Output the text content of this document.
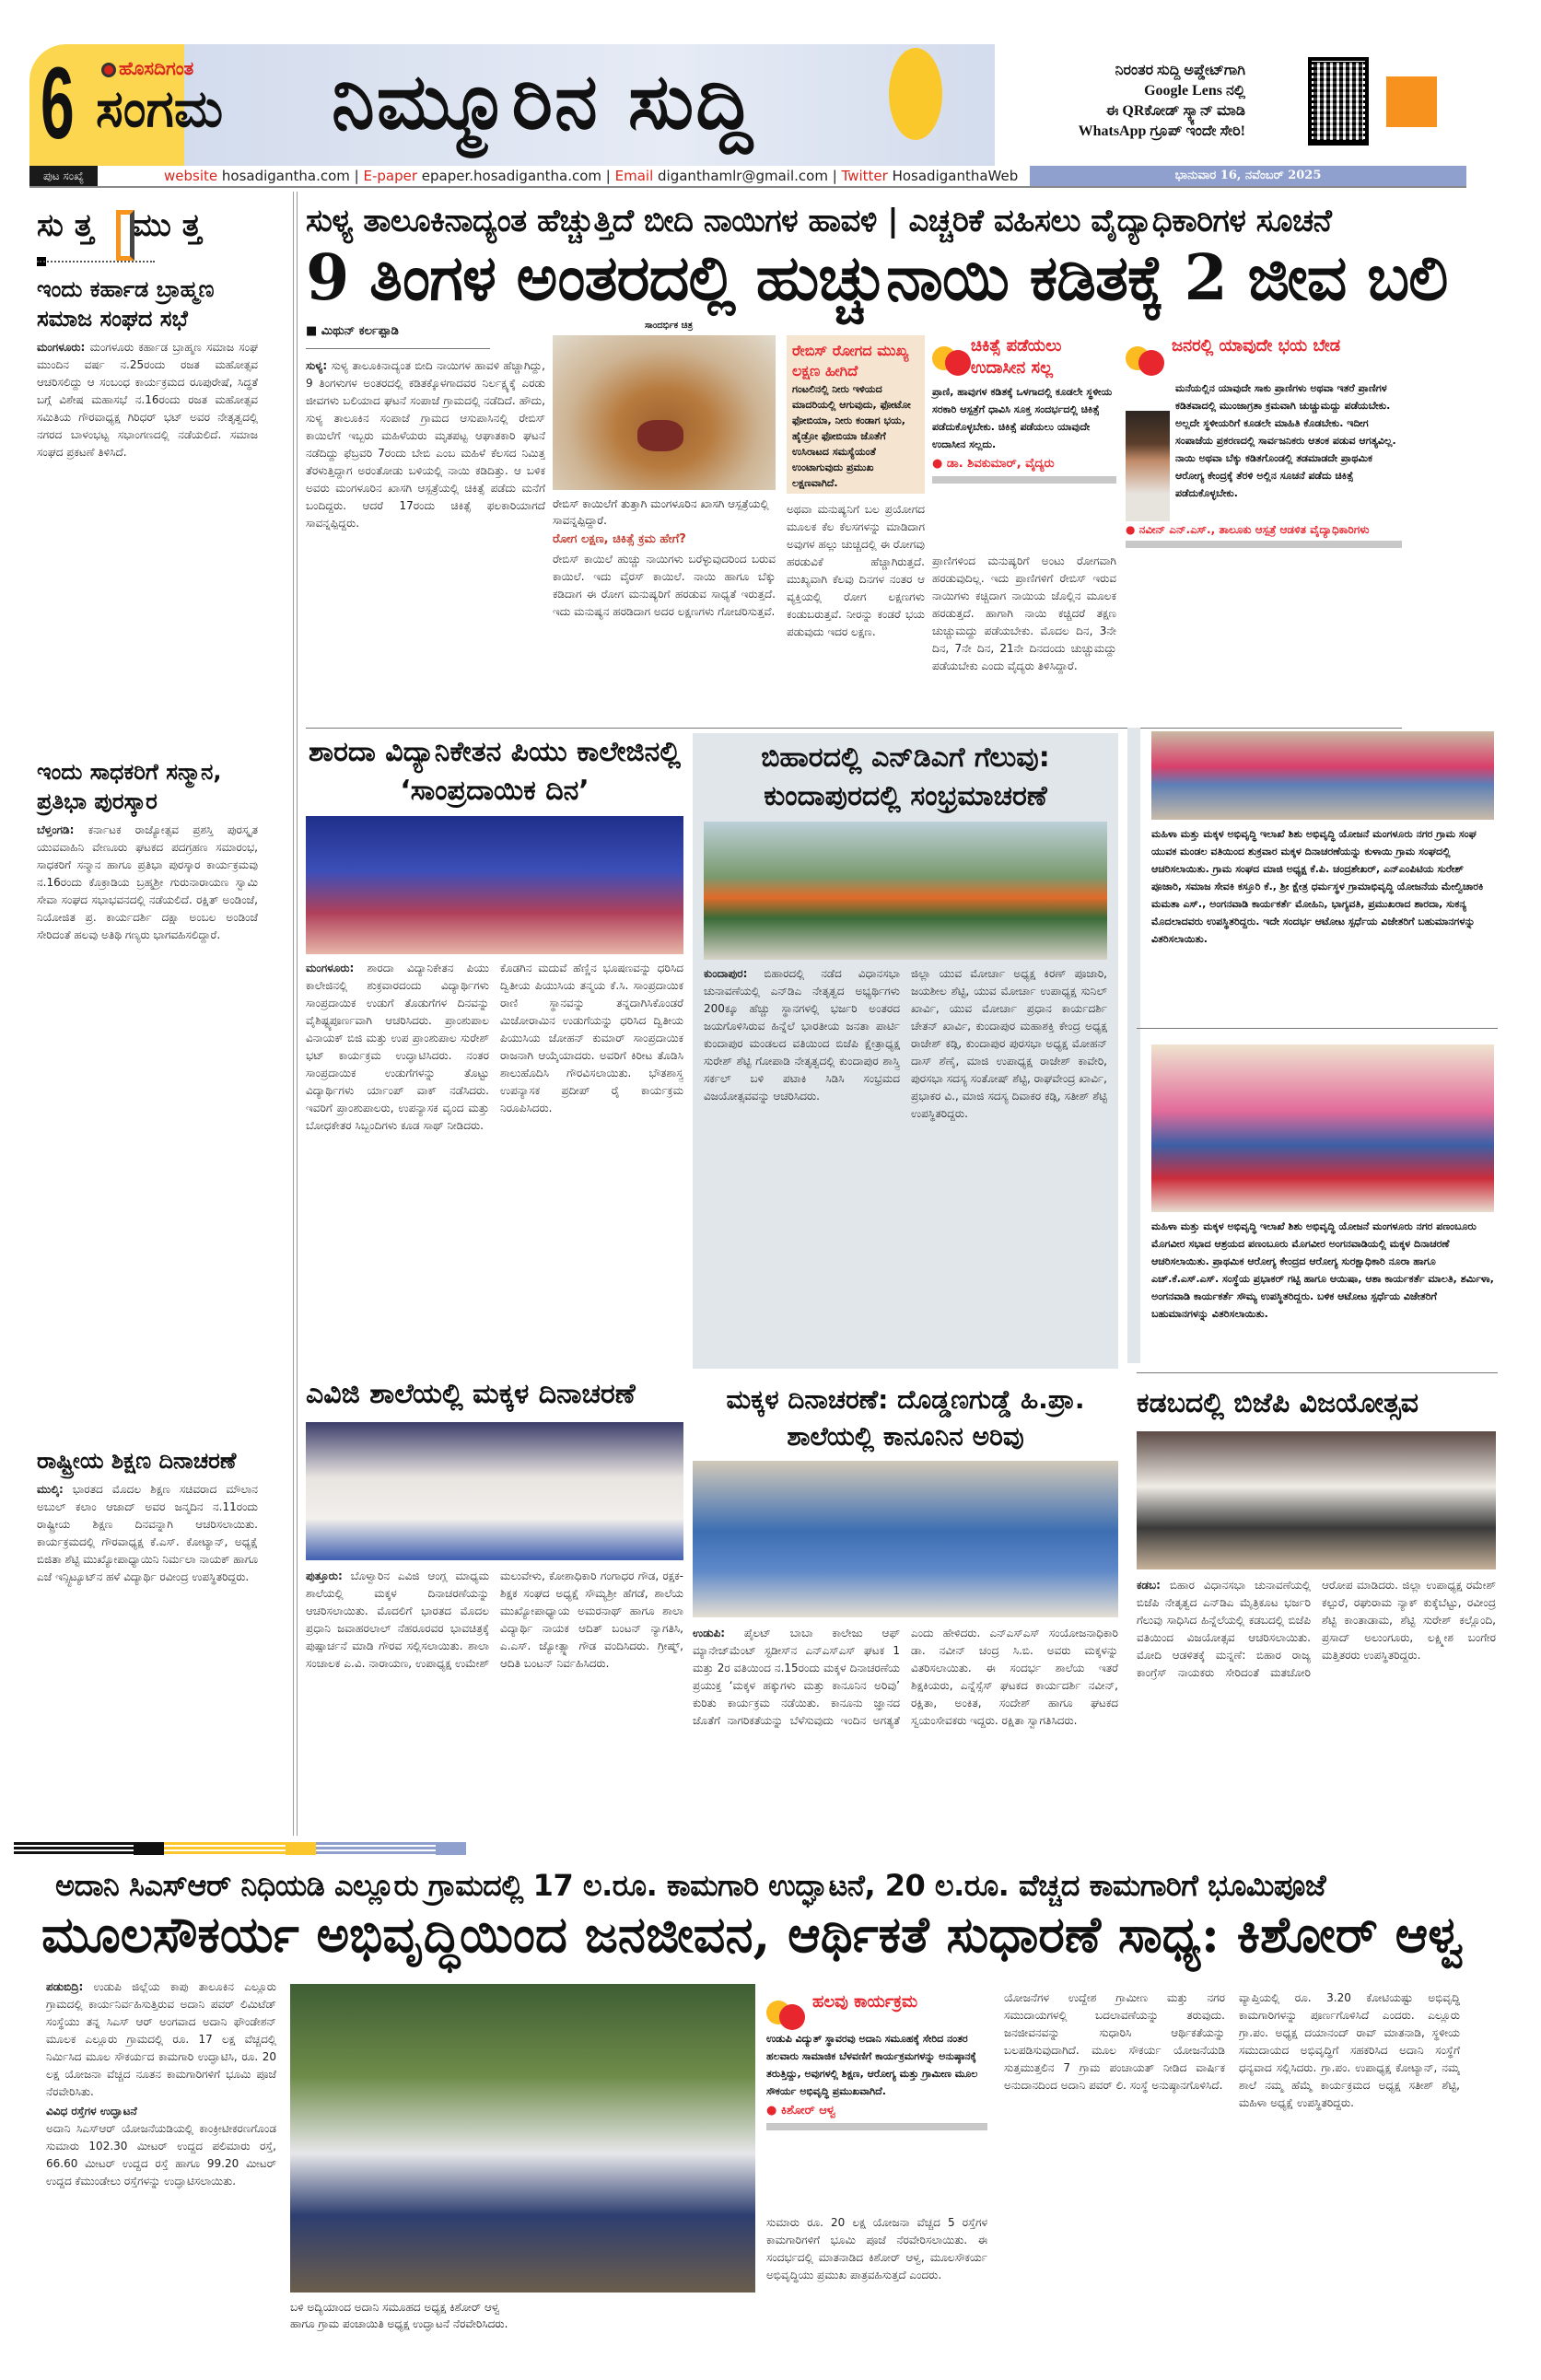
6	ಹೊಸದಿಗಂತ
ಸಂಗಮ ನಿಮ್ಮೂರಿನ ಸುದ್ದಿ	ನಿರಂತರ ಸುದ್ದಿ ಅಪ್ಡೇಟ್‌ಗಾಗಿ
Google Lens ನಲ್ಲಿ
ಈ QRಕೋಡ್ ಸ್ಕ್ಯಾನ್ ಮಾಡಿ
WhatsApp ಗ್ರೂಪ್ ಇಂದೇ ಸೇರಿ!
ಪುಟ ಸಂಖ್ಯೆ	website hosadigantha.com | E-paper epaper.hosadigantha.com | Email diganthamlr@gmail.com | Twitter HosadiganthaWeb	ಭಾನುವಾರ 16, ನವೆಂಬರ್ 2025
ಸು ತ್ತ ಮು ತ್ತ
ಇಂದು ಕರ್ಹಾಡ ಬ್ರಾಹ್ಮಣ ಸಮಾಜ ಸಂಘದ ಸಭೆ
ಮಂಗಳೂರು: ಮಂಗಳೂರು ಕರ್ಹಾಡ ಬ್ರಾಹ್ಮಣ ಸಮಾಜ ಸಂಘ ಮುಂದಿನ ವರ್ಷ ನ.25ರಂದು ರಜತ ಮಹೋತ್ಸವ ಆಚರಿಸಲಿದ್ದು ಆ ಸಂಬಂಧ ಕಾರ್ಯಕ್ರಮದ ರೂಪುರೇಷೆ, ಸಿದ್ಧತೆ ಬಗ್ಗೆ ವಿಶೇಷ ಮಹಾಸಭೆ ನ.16ರಂದು ರಜತ ಮಹೋತ್ಸವ ಸಮಿತಿಯ ಗೌರವಾಧ್ಯಕ್ಷ ಗಿರಿಧರ್ ಭಟ್ ಅವರ ನೇತೃತ್ವದಲ್ಲಿ ನಗರದ ಬಾಳಂಭಟ್ಟ ಸಭಾಂಗಣದಲ್ಲಿ ನಡೆಯಲಿದೆ. ಸಮಾಜ ಸಂಘದ ಪ್ರಕಟಣೆ ತಿಳಿಸಿದೆ.
ಇಂದು ಸಾಧಕರಿಗೆ ಸನ್ಮಾನ, ಪ್ರತಿಭಾ ಪುರಸ್ಕಾರ
ಬೆಳ್ತಂಗಡಿ: ಕರ್ನಾಟಕ ರಾಜ್ಯೋತ್ಸವ ಪ್ರಶಸ್ತಿ ಪುರಸ್ಕೃತ ಯುವವಾಹಿನಿ ವೇಣೂರು ಘಟಕದ ಪದಗ್ರಹಣ ಸಮಾರಂಭ, ಸಾಧಕರಿಗೆ ಸನ್ಮಾನ ಹಾಗೂ ಪ್ರತಿಭಾ ಪುರಸ್ಕಾರ ಕಾರ್ಯಕ್ರಮವು ನ.16ರಂದು ಕೊಕ್ರಾಡಿಯ ಬ್ರಹ್ಮಶ್ರೀ ಗುರುನಾರಾಯಣ ಸ್ವಾಮಿ ಸೇವಾ ಸಂಘದ ಸಭಾಭವನದಲ್ಲಿ ನಡೆಯಲಿದೆ. ರಕ್ಷಿತ್ ಅಂಡಿಂಜೆ, ನಿಯೋಜಿತ ಪ್ರ. ಕಾರ್ಯದರ್ಶಿ ದಕ್ಷಾ ಅಂಬಲ ಅಂಡಿಂಜೆ ಸೇರಿದಂತೆ ಹಲವು ಅತಿಥಿ ಗಣ್ಯರು ಭಾಗವಹಿಸಲಿದ್ದಾರೆ.
ರಾಷ್ಟ್ರೀಯ ಶಿಕ್ಷಣ ದಿನಾಚರಣೆ
ಮುಲ್ಕಿ: ಭಾರತದ ಮೊದಲ ಶಿಕ್ಷಣ ಸಚಿವರಾದ ಮೌಲಾನ ಅಬುಲ್ ಕಲಾಂ ಆಜಾದ್ ಅವರ ಜನ್ಮದಿನ ನ.11ರಂದು ರಾಷ್ಟ್ರೀಯ ಶಿಕ್ಷಣ ದಿನವನ್ನಾಗಿ ಆಚರಿಸಲಾಯಿತು. ಕಾರ್ಯಕ್ರಮದಲ್ಲಿ ಗೌರವಾಧ್ಯಕ್ಷ ಕೆ.ಎಸ್. ಕೋಟ್ಯಾನ್, ಅಧ್ಯಕ್ಷೆ ಬಿಜಿತಾ ಶೆಟ್ಟಿ ಮುಖ್ಯೋಪಾಧ್ಯಾಯಿನಿ ನಿರ್ಮಲಾ ನಾಯಕ್ ಹಾಗೂ ಎಜೆ ಇನ್ಸ್ಟಿಟ್ಯೂಟ್‌ನ ಹಳೆ ವಿದ್ಯಾರ್ಥಿ ರವೀಂದ್ರ ಉಪಸ್ಥಿತರಿದ್ದರು.
ಸುಳ್ಯ ತಾಲೂಕಿನಾದ್ಯಂತ ಹೆಚ್ಚುತ್ತಿದೆ ಬೀದಿ ನಾಯಿಗಳ ಹಾವಳಿ | ಎಚ್ಚರಿಕೆ ವಹಿಸಲು ವೈದ್ಯಾಧಿಕಾರಿಗಳ ಸೂಚನೆ
9 ತಿಂಗಳ ಅಂತರದಲ್ಲಿ ಹುಚ್ಚುನಾಯಿ ಕಡಿತಕ್ಕೆ 2 ಜೀವ ಬಲಿ
■ ಮಿಥುನ್ ಕರ್ಲಪ್ಪಾಡಿ
ಸುಳ್ಯ: ಸುಳ್ಯ ತಾಲೂಕಿನಾದ್ಯಂತ ಬೀದಿ ನಾಯಿಗಳ ಹಾವಳಿ ಹೆಚ್ಚಾಗಿದ್ದು, 9 ತಿಂಗಳುಗಳ ಅಂತರದಲ್ಲಿ ಕಡಿತಕ್ಕೊಳಗಾದವರ ನಿರ್ಲಕ್ಷ್ಯಕ್ಕೆ ಎರಡು ಜೀವಗಳು ಬಲಿಯಾದ ಘಟನೆ ಸಂಪಾಜೆ ಗ್ರಾಮದಲ್ಲಿ ನಡೆದಿದೆ. ಹೌದು, ಸುಳ್ಯ ತಾಲೂಕಿನ ಸಂಪಾಜೆ ಗ್ರಾಮದ ಆಸುಪಾಸಿನಲ್ಲಿ ರೇಬಿಸ್ ಕಾಯಿಲೆಗೆ ಇಬ್ಬರು ಮಹಿಳೆಯರು ಮೃತಪಟ್ಟ ಆಘಾತಕಾರಿ ಘಟನೆ ನಡೆದಿದ್ದು ಫೆಬ್ರವರಿ 7ರಂದು ಬೇಬಿ ಎಂಬ ಮಹಿಳೆ ಕೆಲಸದ ನಿಮಿತ್ತ ತೆರಳುತ್ತಿದ್ದಾಗ ಅರಂತೋಡು ಬಳಿಯಲ್ಲಿ ನಾಯಿ ಕಡಿದಿತ್ತು. ಆ ಬಳಿಕ ಅವರು ಮಂಗಳೂರಿನ ಖಾಸಗಿ ಆಸ್ಪತ್ರೆಯಲ್ಲಿ ಚಿಕಿತ್ಸೆ ಪಡೆದು ಮನೆಗೆ ಬಂದಿದ್ದರು. ಆದರೆ 17ರಂದು ಚಿಕಿತ್ಸೆ ಫಲಕಾರಿಯಾಗದೆ ಸಾವನ್ನಪ್ಪಿದ್ದರು.
ಸಾಂದರ್ಭಿಕ ಚಿತ್ರ
ರೇಬಿಸ್ ಕಾಯಿಲೆಗೆ ತುತ್ತಾಗಿ ಮಂಗಳೂರಿನ ಖಾಸಗಿ ಆಸ್ಪತ್ರೆಯಲ್ಲಿ ಸಾವನ್ನಪ್ಪಿದ್ದಾರೆ.
ರೋಗ ಲಕ್ಷಣ, ಚಿಕಿತ್ಸೆ ಕ್ರಮ ಹೇಗೆ?
ರೇಬಿಸ್ ಕಾಯಿಲೆ ಹುಚ್ಚು ನಾಯಿಗಳು ಬರೆಳ್ಳುವುದರಿಂದ ಬರುವ ಕಾಯಿಲೆ. ಇದು ವೈರಸ್ ಕಾಯಿಲೆ. ನಾಯಿ ಹಾಗೂ ಬೆಕ್ಕು ಕಡಿದಾಗ ಈ ರೋಗ ಮನುಷ್ಯರಿಗೆ ಹರಡುವ ಸಾಧ್ಯತೆ ಇರುತ್ತದೆ. ಇದು ಮನುಷ್ಯನ ಹರಡಿದಾಗ ಅದರ ಲಕ್ಷಣಗಳು ಗೋಚರಿಸುತ್ತವೆ.
ರೇಬಿಸ್ ರೋಗದ ಮುಖ್ಯ ಲಕ್ಷಣ ಹೀಗಿದೆ
ಗಂಟಲಿನಲ್ಲಿ ನೀರು ಇಳಿಯದ ಮಾದರಿಯಲ್ಲಿ ಆಗುವುದು, ಫೋಟೋ ಫೋಬಿಯಾ, ನೀರು ಕಂಡಾಗ ಭಯ, ಹೈಡ್ರೋ ಫೋಬಿಯಾ ಜೊತೆಗೆ ಉಸಿರಾಟದ ಸಮಸ್ಯೆಯಂತೆ ಉಂಟಾಗುವುದು ಪ್ರಮುಖ ಲಕ್ಷಣವಾಗಿದೆ.
ಅಥವಾ ಮನುಷ್ಯನಿಗೆ ಬಲ ಪ್ರಯೋಗದ ಮೂಲಕ ಕೆಲ ಕೆಲಸಗಳನ್ನು ಮಾಡಿದಾಗ ಅವುಗಳ ಹಲ್ಲು ಚುಚ್ಚಿದಲ್ಲಿ ಈ ರೋಗವು ಹರಡುವಿಕೆ ಹೆಚ್ಚಾಗಿರುತ್ತದೆ. ಮುಖ್ಯವಾಗಿ ಕೆಲವು ದಿನಗಳ ನಂತರ ಆ ವ್ಯಕ್ತಿಯಲ್ಲಿ ರೋಗ ಲಕ್ಷಣಗಳು ಕಂಡುಬರುತ್ತವೆ. ನೀರನ್ನು ಕಂಡರೆ ಭಯ ಪಡುವುದು ಇದರ ಲಕ್ಷಣ.
ಚಿಕಿತ್ಸೆ ಪಡೆಯಲು ಉದಾಸೀನ ಸಲ್ಲ
ಪ್ರಾಣಿ, ಹಾವುಗಳ ಕಡಿತಕ್ಕೆ ಒಳಗಾದಲ್ಲಿ ಕೂಡಲೇ ಸ್ಥಳೀಯ ಸರಕಾರಿ ಆಸ್ಪತ್ರೆಗೆ ಧಾವಿಸಿ ಸೂಕ್ತ ಸಂದರ್ಭದಲ್ಲಿ ಚಿಕಿತ್ಸೆ ಪಡೆದುಕೊಳ್ಳಬೇಕು. ಚಿಕಿತ್ಸೆ ಪಡೆಯಲು ಯಾವುದೇ ಉದಾಸೀನ ಸಲ್ಲದು.
● ಡಾ. ಶಿವಕುಮಾರ್, ವೈದ್ಯರು
ಪ್ರಾಣಿಗಳಿಂದ ಮನುಷ್ಯರಿಗೆ ಅಂಟು ರೋಗವಾಗಿ ಹರಡುವುದಿಲ್ಲ. ಇದು ಪ್ರಾಣಿಗಳಿಗೆ ರೇಬಿಸ್ ಇರುವ ನಾಯಿಗಳು ಕಚ್ಚಿದಾಗ ನಾಯಿಯ ಜೊಲ್ಲಿನ ಮೂಲಕ ಹರಡುತ್ತದೆ. ಹಾಗಾಗಿ ನಾಯಿ ಕಚ್ಚಿದರೆ ತಕ್ಷಣ ಚುಚ್ಚುಮದ್ದು ಪಡೆಯಬೇಕು. ಮೊದಲ ದಿನ, 3ನೇ ದಿನ, 7ನೇ ದಿನ, 21ನೇ ದಿನದಂದು ಚುಚ್ಚುಮದ್ದು ಪಡೆಯಬೇಕು ಎಂದು ವೈದ್ಯರು ತಿಳಿಸಿದ್ದಾರೆ.
ಜನರಲ್ಲಿ ಯಾವುದೇ ಭಯ ಬೇಡ
ಮನೆಯಲ್ಲಿನ ಯಾವುದೇ ಸಾಕು ಪ್ರಾಣಿಗಳು ಅಥವಾ ಇತರೆ ಪ್ರಾಣಿಗಳ ಕಡಿತವಾದಲ್ಲಿ ಮುಂಜಾಗ್ರತಾ ಕ್ರಮವಾಗಿ ಚುಚ್ಚುಮದ್ದು ಪಡೆಯಬೇಕು. ಅಲ್ಲದೇ ಸ್ಥಳೀಯರಿಗೆ ಕೂಡಲೇ ಮಾಹಿತಿ ಕೊಡಬೇಕು. ಇದೀಗ ಸಂಪಾಜೆಯ ಪ್ರಕರಣದಲ್ಲಿ ಸಾರ್ವಜನಿಕರು ಆತಂಕ ಪಡುವ ಆಗತ್ಯವಿಲ್ಲ. ನಾಯಿ ಅಥವಾ ಬೆಕ್ಕು ಕಡಿತಗೊಂಡಲ್ಲಿ ತಡಮಾಡದೇ ಪ್ರಾಥಮಿಕ ಆರೋಗ್ಯ ಕೇಂದ್ರಕ್ಕೆ ತೆರಳಿ ಅಲ್ಲಿನ ಸೂಚನೆ ಪಡೆದು ಚಿಕಿತ್ಸೆ ಪಡೆದುಕೊಳ್ಳಬೇಕು.
● ನವೀನ್ ಎನ್.ಎಸ್., ತಾಲೂಕು ಆಸ್ಪತ್ರೆ ಆಡಳಿತ ವೈದ್ಯಾಧಿಕಾರಿಗಳು
ಶಾರದಾ ವಿದ್ಯಾನಿಕೇತನ ಪಿಯು ಕಾಲೇಜಿನಲ್ಲಿ ‘ಸಾಂಪ್ರದಾಯಿಕ ದಿನ’
ಮಂಗಳೂರು: ಶಾರದಾ ವಿದ್ಯಾನಿಕೇತನ ಪಿಯು ಕಾಲೇಜಿನಲ್ಲಿ ಶುಕ್ರವಾರದಂದು ವಿದ್ಯಾರ್ಥಿಗಳು ಸಾಂಪ್ರದಾಯಿಕ ಉಡುಗೆ ತೊಡುಗೆಗಳ ದಿನವನ್ನು ವೈಶಿಷ್ಟ್ಯಪೂರ್ಣವಾಗಿ ಆಚರಿಸಿದರು. ಪ್ರಾಂಶುಪಾಲ ವಿನಾಯಕ್ ಬಿಜಿ ಮತ್ತು ಉಪ ಪ್ರಾಂಶುಪಾಲ ಸುರೇಶ್ ಭಟ್ ಕಾರ್ಯಕ್ರಮ ಉದ್ಘಾಟಿಸಿದರು. ನಂತರ ಸಾಂಪ್ರದಾಯಿಕ ಉಡುಗೆಗಳನ್ನು ತೊಟ್ಟು ವಿದ್ಯಾರ್ಥಿಗಳು ರ್ಯಾಂಪ್ ವಾಕ್ ನಡೆಸಿದರು. ಇವರಿಗೆ ಪ್ರಾಂಶುಪಾಲರು, ಉಪನ್ಯಾಸಕ ವೃಂದ ಮತ್ತು ಬೋಧಕೇತರ ಸಿಬ್ಬಂದಿಗಳು ಕೂಡ ಸಾಥ್ ನೀಡಿದರು.
ಕೊಡಗಿನ ಮದುವೆ ಹೆಣ್ಣಿನ ಭೂಷಣವನ್ನು ಧರಿಸಿದ ದ್ವಿತೀಯ ಪಿಯುಸಿಯ ತನ್ಮಯ ಕೆ.ಸಿ. ಸಾಂಪ್ರದಾಯಿಕ ರಾಣಿ ಸ್ಥಾನವನ್ನು ತನ್ನದಾಗಿಸಿಕೊಂಡರೆ ಮಿಜೋರಾಮಿನ ಉಡುಗೆಯನ್ನು ಧರಿಸಿದ ದ್ವಿತೀಯ ಪಿಯುಸಿಯ ಜೋಹನ್ ಕುಮಾರ್ ಸಾಂಪ್ರದಾಯಿಕ ರಾಜನಾಗಿ ಆಯ್ಕೆಯಾದರು. ಅವರಿಗೆ ಕಿರೀಟ ತೊಡಿಸಿ ಶಾಲುಹೊದಿಸಿ ಗೌರವಿಸಲಾಯಿತು. ಭೌತಶಾಸ್ತ್ರ ಉಪನ್ಯಾಸಕ ಪ್ರದೀಪ್ ರೈ ಕಾರ್ಯಕ್ರಮ ನಿರೂಪಿಸಿದರು.
ಬಿಹಾರದಲ್ಲಿ ಎನ್‌ಡಿಎಗೆ ಗೆಲುವು: ಕುಂದಾಪುರದಲ್ಲಿ ಸಂಭ್ರಮಾಚರಣೆ
ಕುಂದಾಪುರ: ಬಿಹಾರದಲ್ಲಿ ನಡೆದ ವಿಧಾನಸಭಾ ಚುನಾವಣೆಯಲ್ಲಿ ಎನ್‌ಡಿಎ ನೇತೃತ್ವದ ಅಭ್ಯರ್ಥಿಗಳು 200ಕ್ಕೂ ಹೆಚ್ಚು ಸ್ಥಾನಗಳಲ್ಲಿ ಭರ್ಜರಿ ಅಂತರದ ಜಯಗೊಳಿಸಿರುವ ಹಿನ್ನೆಲೆ ಭಾರತೀಯ ಜನತಾ ಪಾರ್ಟಿ ಕುಂದಾಪುರ ಮಂಡಲದ ವತಿಯಿಂದ ಬಿಜೆಪಿ ಕ್ಷೇತ್ರಾಧ್ಯಕ್ಷ ಸುರೇಶ್ ಶೆಟ್ಟಿ ಗೋಪಾಡಿ ನೇತೃತ್ವದಲ್ಲಿ ಕುಂದಾಪುರ ಶಾಸ್ತ್ರಿ ಸರ್ಕಲ್ ಬಳಿ ಪಟಾಕಿ ಸಿಡಿಸಿ ಸಂಭ್ರಮದ ವಿಜಯೋತ್ಸವವನ್ನು ಆಚರಿಸಿದರು.
ಜಿಲ್ಲಾ ಯುವ ಮೋರ್ಚಾ ಅಧ್ಯಕ್ಷ ಕಿರಣ್ ಪೂಜಾರಿ, ಜಯಶೀಲ ಶೆಟ್ಟಿ, ಯುವ ಮೋರ್ಚಾ ಉಪಾಧ್ಯಕ್ಷ ಸುನಿಲ್ ಖಾರ್ವಿ, ಯುವ ಮೋರ್ಚಾ ಪ್ರಧಾನ ಕಾರ್ಯದರ್ಶಿ ಚೇತನ್ ಖಾರ್ವಿ, ಕುಂದಾಪುರ ಮಹಾಶಕ್ತಿ ಕೇಂದ್ರ ಅಧ್ಯಕ್ಷ ರಾಜೇಶ್ ಕಡ್ಗಿ, ಕುಂದಾಪುರ ಪುರಸಭಾ ಅಧ್ಯಕ್ಷ ಮೋಹನ್ ದಾಸ್ ಶೆಣೈ, ಮಾಜಿ ಉಪಾಧ್ಯಕ್ಷ ರಾಜೇಶ್ ಕಾವೇರಿ, ಪುರಸಭಾ ಸದಸ್ಯ ಸಂತೋಷ್ ಶೆಟ್ಟಿ, ರಾಘವೇಂದ್ರ ಖಾರ್ವಿ, ಪ್ರಭಾಕರ ವಿ., ಮಾಜಿ ಸದಸ್ಯ ದಿವಾಕರ ಕಡ್ಗಿ, ಸತೀಶ್ ಶೆಟ್ಟಿ ಉಪಸ್ಥಿತರಿದ್ದರು.
ಮಹಿಳಾ ಮತ್ತು ಮಕ್ಕಳ ಅಭಿವೃದ್ಧಿ ಇಲಾಖೆ ಶಿಶು ಅಭಿವೃದ್ಧಿ ಯೋಜನೆ ಮಂಗಳೂರು ನಗರ ಗ್ರಾಮ ಸಂಘ ಯುವಕ ಮಂಡಲ ವತಿಯಿಂದ ಶುಕ್ರವಾರ ಮಕ್ಕಳ ದಿನಾಚರಣೆಯನ್ನು ಕುಳಾಯಿ ಗ್ರಾಮ ಸಂಘದಲ್ಲಿ ಆಚರಿಸಲಾಯಿತು. ಗ್ರಾಮ ಸಂಘದ ಮಾಜಿ ಅಧ್ಯಕ್ಷ ಕೆ.ಪಿ. ಚಂದ್ರಶೇಖರ್, ಎನ್‌ಎಂಪಿಟಿಯ ಸುರೇಶ್ ಪೂಜಾರಿ, ಸಮಾಜ ಸೇವಕಿ ಕಸ್ತೂರಿ ಕೆ., ಶ್ರೀ ಕ್ಷೇತ್ರ ಧರ್ಮಸ್ಥಳ ಗ್ರಾಮಾಭಿವೃದ್ಧಿ ಯೋಜನೆಯ ಮೇಲ್ವಿಚಾರಕಿ ಮಮತಾ ಎಸ್., ಅಂಗನವಾಡಿ ಕಾರ್ಯಕರ್ತೆ ಮೋಹಿನಿ, ಭಾಗ್ಯವತಿ, ಪ್ರಮುಖರಾದ ಶಾರದಾ, ಸುಕನ್ಯ ಮೊದಲಾದವರು ಉಪಸ್ಥಿತರಿದ್ದರು. ಇದೇ ಸಂದರ್ಭ ಆಟೋಟ ಸ್ಪರ್ಧೆಯ ವಿಜೇತರಿಗೆ ಬಹುಮಾನಗಳನ್ನು ವಿತರಿಸಲಾಯಿತು.
ಮಹಿಳಾ ಮತ್ತು ಮಕ್ಕಳ ಅಭಿವೃದ್ಧಿ ಇಲಾಖೆ ಶಿಶು ಅಭಿವೃದ್ಧಿ ಯೋಜನೆ ಮಂಗಳೂರು ನಗರ ಪಣಂಬೂರು ಮೊಗವೀರ ಸಭಾದ ಆಶ್ರಯದ ಪಣಂಬೂರು ಮೊಗವೀರ ಅಂಗನವಾಡಿಯಲ್ಲಿ ಮಕ್ಕಳ ದಿನಾಚರಣೆ ಆಚರಿಸಲಾಯಿತು. ಪ್ರಾಥಮಿಕ ಆರೋಗ್ಯ ಕೇಂದ್ರದ ಆರೋಗ್ಯ ಸುರಕ್ಷಾಧಿಕಾರಿ ನೂರಾ ಹಾಗೂ ಎಚ್.ಕೆ.ಎಸ್.ಎಸ್. ಸಂಸ್ಥೆಯ ಪ್ರಭಾಕರ್ ಗಟ್ಟಿ ಹಾಗೂ ಆಯಿಷಾ, ಆಶಾ ಕಾರ್ಯಕರ್ತೆ ಮಾಲತಿ, ಶರ್ಮಿಳಾ, ಅಂಗನವಾಡಿ ಕಾರ್ಯಕರ್ತೆ ಸೌಮ್ಯ ಉಪಸ್ಥಿತರಿದ್ದರು. ಬಳಿಕ ಆಟೋಟ ಸ್ಪರ್ಧೆಯ ವಿಜೇತರಿಗೆ ಬಹುಮಾನಗಳನ್ನು ವಿತರಿಸಲಾಯಿತು.
ಎವಿಜಿ ಶಾಲೆಯಲ್ಲಿ ಮಕ್ಕಳ ದಿನಾಚರಣೆ
ಪುತ್ತೂರು: ಬೊಳ್ವಾರಿನ ಎವಿಜಿ ಆಂಗ್ಲ ಮಾಧ್ಯಮ ಶಾಲೆಯಲ್ಲಿ ಮಕ್ಕಳ ದಿನಾಚರಣೆಯನ್ನು ಆಚರಿಸಲಾಯಿತು. ಮೊದಲಿಗೆ ಭಾರತದ ಮೊದಲ ಪ್ರಧಾನಿ ಜವಾಹರಲಾಲ್ ನೆಹರೂರವರ ಭಾವಚಿತ್ರಕ್ಕೆ ಪುಷ್ಪಾರ್ಚನೆ ಮಾಡಿ ಗೌರವ ಸಲ್ಲಿಸಲಾಯಿತು. ಶಾಲಾ ಸಂಚಾಲಕ ಎ.ವಿ. ನಾರಾಯಣ, ಉಪಾಧ್ಯಕ್ಷ ಉಮೇಶ್ ಮಲುವೇಳು, ಕೋಶಾಧಿಕಾರಿ ಗಂಗಾಧರ ಗೌಡ, ರಕ್ಷಕ-ಶಿಕ್ಷಕ ಸಂಘದ ಅಧ್ಯಕ್ಷೆ ಸೌಮ್ಯಶ್ರೀ ಹೆಗಡೆ, ಶಾಲೆಯ ಮುಖ್ಯೋಪಾಧ್ಯಾಯ ಅಮರನಾಥ್ ಹಾಗೂ ಶಾಲಾ ವಿದ್ಯಾರ್ಥಿ ನಾಯಕ ಆದಿತ್ ಬಂಟನ್ ನ್ಯಾಗತಿಸಿ, ಎ.ಎಸ್. ಜ್ಯೋತ್ಸ್ನಾ ಗೌಡ ವಂದಿಸಿದರು. ಗ್ರೀಷ್ಮ್, ಆದಿತಿ ಬಂಟನ್ ನಿರ್ವಹಿಸಿದರು.
ಮಕ್ಕಳ ದಿನಾಚರಣೆ: ದೊಡ್ಡಣಗುಡ್ಡೆ ಹಿ.ಪ್ರಾ. ಶಾಲೆಯಲ್ಲಿ ಕಾನೂನಿನ ಅರಿವು
ಉಡುಪಿ: ಪೈಲಟ್ ಬಾಬಾ ಕಾಲೇಜು ಆಫ್ ಮ್ಯಾನೇಜ್‌ಮೆಂಟ್ ಸ್ಟಡೀಸ್‌ನ ಎನ್‌ಎಸ್‌ಎಸ್ ಘಟಕ 1 ಮತ್ತು 2ರ ವತಿಯಿಂದ ನ.15ರಂದು ಮಕ್ಕಳ ದಿನಾಚರಣೆಯ ಪ್ರಯುಕ್ತ ‘ಮಕ್ಕಳ ಹಕ್ಕುಗಳು ಮತ್ತು ಕಾನೂನಿನ ಅರಿವು’ ಕುರಿತು ಕಾರ್ಯಕ್ರಮ ನಡೆಯಿತು. ಕಾನೂನು ಜ್ಞಾನದ ಜೊತೆಗೆ ನಾಗರಿಕತೆಯನ್ನು ಬೆಳೆಸುವುದು ಇಂದಿನ ಅಗತ್ಯತೆ ಎಂದು ಹೇಳಿದರು. ಎನ್‌ಎಸ್‌ಎಸ್ ಸಂಯೋಜನಾಧಿಕಾರಿ ಡಾ. ನವೀನ್ ಚಂದ್ರ ಸಿ.ಬಿ. ಅವರು ಮಕ್ಕಳನ್ನು ವಿತರಿಸಲಾಯಿತು. ಈ ಸಂದರ್ಭ ಶಾಲೆಯ ಇತರೆ ಶಿಕ್ಷಕಿಯರು, ಎನ್ನೆಸ್ಸೆಸ್ ಘಟಕದ ಕಾರ್ಯದರ್ಶಿ ನವೀನ್, ರಕ್ಷಿತಾ, ಅಂಕಿತ, ಸಂದೇಶ್ ಹಾಗೂ ಘಟಕದ ಸ್ವಯಂಸೇವಕರು ಇದ್ದರು. ರಕ್ಷಿತಾ ಸ್ವಾಗತಿಸಿದರು.
ಕಡಬದಲ್ಲಿ ಬಿಜೆಪಿ ವಿಜಯೋತ್ಸವ
ಕಡಬ: ಬಿಹಾರ ವಿಧಾನಸಭಾ ಚುನಾವಣೆಯಲ್ಲಿ ಬಿಜೆಪಿ ನೇತೃತ್ವದ ಎನ್‌ಡಿಎ ಮೈತ್ರಿಕೂಟ ಭರ್ಜರಿ ಗೆಲುವು ಸಾಧಿಸಿದ ಹಿನ್ನೆಲೆಯಲ್ಲಿ ಕಡಬದಲ್ಲಿ ಬಿಜೆಪಿ ವತಿಯಿಂದ ವಿಜಯೋತ್ಸವ ಆಚರಿಸಲಾಯಿತು. ಮೋದಿ ಆಡಳಿತಕ್ಕೆ ಮನ್ನಣೆ: ಬಿಹಾರ ರಾಜ್ಯ ಕಾಂಗ್ರೆಸ್ ನಾಯಕರು ಸೇರಿದಂತೆ ಮತಚೋರಿ ಆರೋಪ ಮಾಡಿದರು. ಜಿಲ್ಲಾ ಉಪಾಧ್ಯಕ್ಷ ರಮೇಶ್ ಕಲ್ಪುರೆ, ರಘುರಾಮ ನ್ಯಾಕ್ ಕುಕ್ಕೆಬೆಟ್ಟು, ರವೀಂದ್ರ ಶೆಟ್ಟಿ ಕಾಂತಾಡಾಮ, ಶೆಟ್ಟಿ ಸುರೇಶ್ ಕಲ್ಲೊಂದಿ, ಪ್ರಸಾದ್ ಅಲುಂಗೂರು, ಲಕ್ಷ್ಮೀಶ ಬಂಗೇರ ಮತ್ತಿತರರು ಉಪಸ್ಥಿತರಿದ್ದರು.
ಅದಾನಿ ಸಿಎಸ್‌ಆರ್ ನಿಧಿಯಡಿ ಎಲ್ಲೂರು ಗ್ರಾಮದಲ್ಲಿ 17 ಲ.ರೂ. ಕಾಮಗಾರಿ ಉದ್ಘಾಟನೆ, 20 ಲ.ರೂ. ವೆಚ್ಚದ ಕಾಮಗಾರಿಗೆ ಭೂಮಿಪೂಜೆ
ಮೂಲಸೌಕರ್ಯ ಅಭಿವೃದ್ಧಿಯಿಂದ ಜನಜೀವನ, ಆರ್ಥಿಕತೆ ಸುಧಾರಣೆ ಸಾಧ್ಯ: ಕಿಶೋರ್ ಆಳ್ವ
ಪಡುಬಿದ್ರಿ: ಉಡುಪಿ ಜಿಲ್ಲೆಯ ಕಾಪು ತಾಲೂಕಿನ ಎಲ್ಲೂರು ಗ್ರಾಮದಲ್ಲಿ ಕಾರ್ಯನಿರ್ವಹಿಸುತ್ತಿರುವ ಅದಾನಿ ಪವರ್ ಲಿಮಿಟೆಡ್ ಸಂಸ್ಥೆಯು ತನ್ನ ಸಿಎಸ್ ಆರ್ ಅಂಗವಾದ ಅದಾನಿ ಫೌಂಡೇಶನ್ ಮೂಲಕ ಎಲ್ಲೂರು ಗ್ರಾಮದಲ್ಲಿ ರೂ. 17 ಲಕ್ಷ ವೆಚ್ಚದಲ್ಲಿ ನಿರ್ಮಿಸಿದ ಮೂಲ ಸೌಕರ್ಯದ ಕಾಮಗಾರಿ ಉದ್ಘಾಟಿಸಿ, ರೂ. 20 ಲಕ್ಷ ಯೋಜನಾ ವೆಚ್ಚದ ನೂತನ ಕಾಮಗಾರಿಗಳಿಗೆ ಭೂಮಿ ಪೂಜೆ ನೆರವೇರಿಸಿತು.
ವಿವಿಧ ರಸ್ತೆಗಳ ಉದ್ಘಾಟನೆ
ಅದಾನಿ ಸಿಎಸ್‌ಆರ್ ಯೋಜನೆಯಡಿಯಲ್ಲಿ ಕಾಂಕ್ರೀಟೀಕರಣಗೊಂಡ ಸುಮಾರು 102.30 ಮೀಟರ್ ಉದ್ದದ ಪಲಿಮಾರು ರಸ್ತೆ, 66.60 ಮೀಟರ್ ಉದ್ದದ ರಸ್ತೆ ಹಾಗೂ 99.20 ಮೀಟರ್ ಉದ್ದದ ಕೆಮುಂಡೇಲು ರಸ್ತೆಗಳನ್ನು ಉದ್ಘಾಟಿಸಲಾಯಿತು.
ಬಳಿ ಅದ್ಯಿಯಾಂದ ಅದಾನಿ ಸಮೂಹದ ಅಧ್ಯಕ್ಷ ಕಿಶೋರ್ ಆಳ್ವ ಹಾಗೂ ಗ್ರಾಮ ಪಂಚಾಯಿತಿ ಅಧ್ಯಕ್ಷ ಉದ್ಘಾಟನೆ ನೆರವೇರಿಸಿದರು.
ಹಲವು ಕಾರ್ಯಕ್ರಮ
ಉಡುಪಿ ವಿದ್ಯುತ್ ಸ್ಥಾವರವು ಅದಾನಿ ಸಮೂಹಕ್ಕೆ ಸೇರಿದ ನಂತರ ಹಲವಾರು ಸಾಮಾಜಿಕ ಬೆಳವಣಿಗೆ ಕಾರ್ಯಕ್ರಮಗಳನ್ನು ಅನುಷ್ಠಾನಕ್ಕೆ ತರುತ್ತಿದ್ದು, ಅವುಗಳಲ್ಲಿ ಶಿಕ್ಷಣ, ಆರೋಗ್ಯ ಮತ್ತು ಗ್ರಾಮೀಣ ಮೂಲ ಸೌಕರ್ಯ ಅಭಿವೃದ್ಧಿ ಪ್ರಮುಖವಾಗಿದೆ.
● ಕಿಶೋರ್ ಆಳ್ವ
ಸುಮಾರು ರೂ. 20 ಲಕ್ಷ ಯೋಜನಾ ವೆಚ್ಚದ 5 ರಸ್ತೆಗಳ ಕಾಮಗಾರಿಗಳಿಗೆ ಭೂಮಿ ಪೂಜೆ ನೆರವೇರಿಸಲಾಯಿತು. ಈ ಸಂದರ್ಭದಲ್ಲಿ ಮಾತನಾಡಿದ ಕಿಶೋರ್ ಆಳ್ವ, ಮೂಲಸೌಕರ್ಯ ಅಭಿವೃದ್ಧಿಯು ಪ್ರಮುಖ ಪಾತ್ರವಹಿಸುತ್ತದೆ ಎಂದರು.
ಯೋಜನೆಗಳ ಉದ್ದೇಶ ಗ್ರಾಮೀಣ ಮತ್ತು ನಗರ ಸಮುದಾಯಗಳಲ್ಲಿ ಬದಲಾವಣೆಯನ್ನು ತರುವುದು. ಜನಜೀವನವನ್ನು ಸುಧಾರಿಸಿ ಆರ್ಥಿಕತೆಯನ್ನು ಬಲಪಡಿಸುವುದಾಗಿದೆ. ಮೂಲ ಸೌಕರ್ಯ ಯೋಜನೆಯಡಿ ಸುತ್ತಮುತ್ತಲಿನ 7 ಗ್ರಾಮ ಪಂಚಾಯತ್ ನೀಡಿದ ವಾರ್ಷಿಕ ಅನುದಾನದಿಂದ ಅದಾನಿ ಪವರ್ ಲಿ. ಸಂಸ್ಥೆ ಅನುಷ್ಠಾನಗೊಳಿಸಿದೆ.
ವ್ಯಾಪ್ತಿಯಲ್ಲಿ ರೂ. 3.20 ಕೋಟಿಯಷ್ಟು ಅಭಿವೃದ್ಧಿ ಕಾಮಗಾರಿಗಳನ್ನು ಪೂರ್ಣಗೊಳಿಸಿದೆ ಎಂದರು. ಎಲ್ಲೂರು ಗ್ರಾ.ಪಂ. ಅಧ್ಯಕ್ಷ ದಯಾನಂದ್ ರಾವ್ ಮಾತನಾಡಿ, ಸ್ಥಳೀಯ ಸಮುದಾಯದ ಅಭಿವೃದ್ಧಿಗೆ ಸಹಕರಿಸಿದ ಅದಾನಿ ಸಂಸ್ಥೆಗೆ ಧನ್ಯವಾದ ಸಲ್ಲಿಸಿದರು. ಗ್ರಾ.ಪಂ. ಉಪಾಧ್ಯಕ್ಷ ಕೋಟ್ಯಾನ್, ನಮ್ಮ ಶಾಲೆ ನಮ್ಮ ಹೆಮ್ಮೆ ಕಾರ್ಯಕ್ರಮದ ಅಧ್ಯಕ್ಷ ಸತೀಶ್ ಶೆಟ್ಟಿ, ಮಹಿಳಾ ಅಧ್ಯಕ್ಷೆ ಉಪಸ್ಥಿತರಿದ್ದರು.
